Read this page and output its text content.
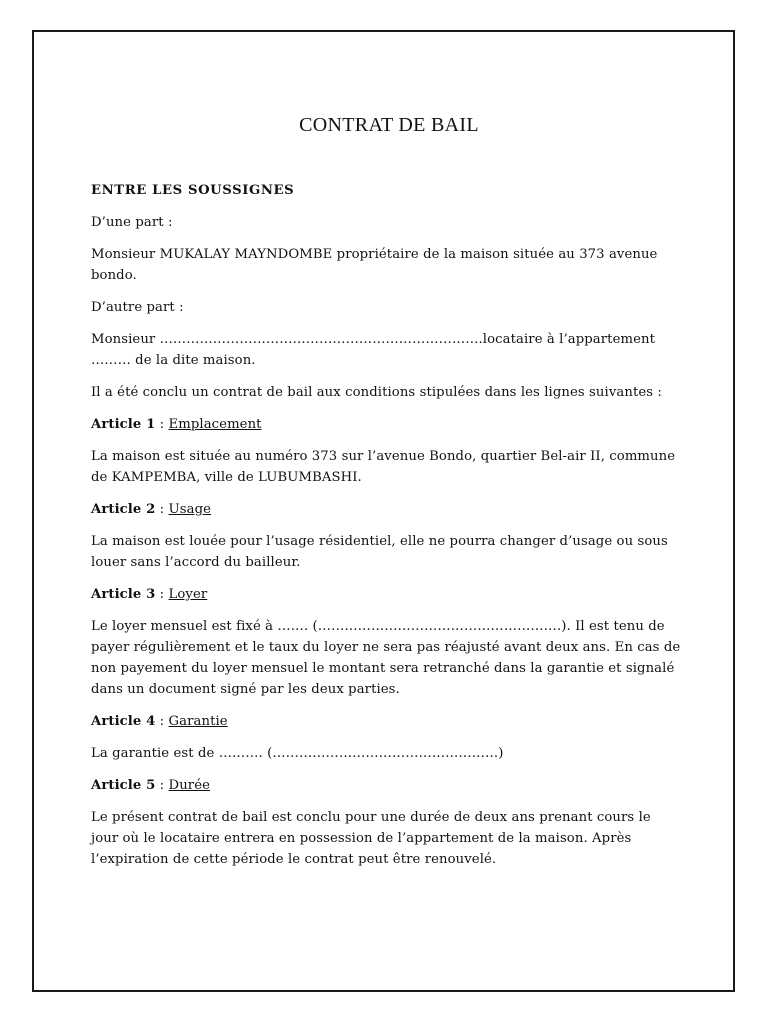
CONTRAT DE BAIL
ENTRE LES SOUSSIGNES

D’une part :

Monsieur MUKALAY MAYNDOMBE propriétaire de la maison située au 373 avenue bondo.

D’autre part :

Monsieur ……………………………………………………………….locataire à l’appartement ……… de la dite maison.

Il a été conclu un contrat de bail aux conditions stipulées dans les lignes suivantes :

Article 1 : Emplacement

La maison est située au numéro 373 sur l’avenue Bondo, quartier Bel-air II, commune de KAMPEMBA, ville de LUBUMBASHI.

Article 2 : Usage

La maison est louée pour l’usage résidentiel, elle ne pourra changer d’usage ou sous louer sans l’accord du bailleur.

Article 3 : Loyer

Le loyer mensuel est fixé à ……. (……………………………………………….). Il est tenu de payer régulièrement et le taux du loyer ne sera pas réajusté avant deux ans. En cas de non payement du loyer mensuel le montant sera retranché dans la garantie et signalé dans un document signé par les deux parties.

Article 4 : Garantie

La garantie est de ………. (……………………………………………)

Article 5 : Durée

Le présent contrat de bail est conclu pour une durée de deux ans prenant cours le jour où le locataire entrera en possession de l’appartement de la maison. Après l’expiration de cette période le contrat peut être renouvelé.
